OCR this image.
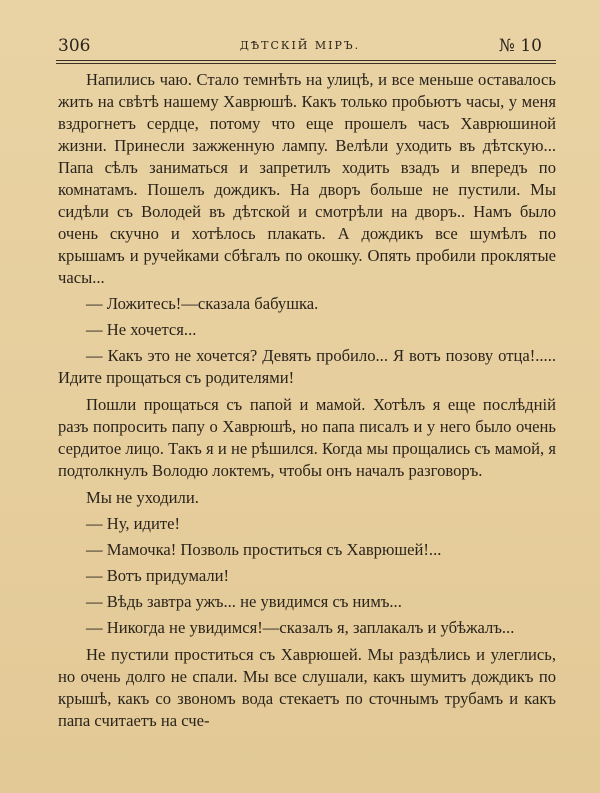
306	ДѢТСКІЙ МІРЪ.	№ 10

Напились чаю. Стало темнѣть на улицѣ, и все меньше оставалось жить на свѣтѣ нашему Хаврюшѣ. Какъ только пробьютъ часы, у меня вздрогнетъ сердце, потому что еще прошелъ часъ Хаврюшиной жизни. Принесли зажженную лампу. Велѣли уходить въ дѣтскую... Папа сѣлъ заниматься и запретилъ ходить взадъ и впередъ по комнатамъ. Пошелъ дождикъ. На дворъ больше не пустили. Мы сидѣли съ Володей въ дѣтской и смотрѣли на дворъ.. Намъ было очень скучно и хотѣлось плакать. А дождикъ все шумѣлъ по крышамъ и ручейками сбѣгалъ по окошку. Опять пробили проклятые часы...

— Ложитесь!—сказала бабушка.

— Не хочется...

— Какъ это не хочется? Девять пробило... Я вотъ позову отца!..... Идите прощаться съ родителями!

Пошли прощаться съ папой и мамой. Хотѣлъ я еще послѣдній разъ попросить папу о Хаврюшѣ, но папа писалъ и у него было очень сердитое лицо. Такъ я и не рѣшился. Когда мы прощались съ мамой, я подтолкнулъ Володю локтемъ, чтобы онъ началъ разговоръ.

Мы не уходили.

— Ну, идите!

— Мамочка! Позволь проститься съ Хаврюшей!...

— Вотъ придумали!

— Вѣдь завтра ужъ... не увидимся съ нимъ...

— Никогда не увидимся!—сказалъ я, заплакалъ и убѣжалъ...

Не пустили проститься съ Хаврюшей. Мы раздѣлись и улеглись, но очень долго не спали. Мы все слушали, какъ шумитъ дождикъ по крышѣ, какъ со звономъ вода стекаетъ по сточнымъ трубамъ и какъ папа считаетъ на сче-
